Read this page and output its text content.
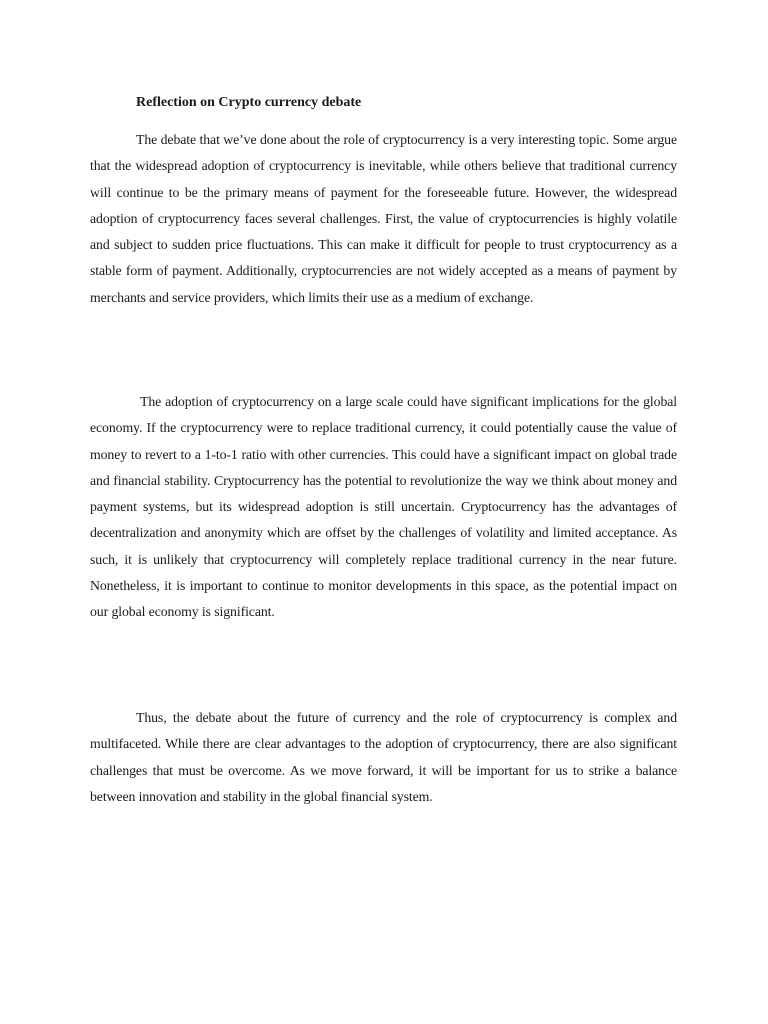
Reflection on Crypto currency debate

The debate that we’ve done about the role of cryptocurrency is a very interesting topic. Some argue that the widespread adoption of cryptocurrency is inevitable, while others believe that traditional currency will continue to be the primary means of payment for the foreseeable future. However, the widespread adoption of cryptocurrency faces several challenges. First, the value of cryptocurrencies is highly volatile and subject to sudden price fluctuations. This can make it difficult for people to trust cryptocurrency as a stable form of payment. Additionally, cryptocurrencies are not widely accepted as a means of payment by merchants and service providers, which limits their use as a medium of exchange.

The adoption of cryptocurrency on a large scale could have significant implications for the global economy. If the cryptocurrency were to replace traditional currency, it could potentially cause the value of money to revert to a 1-to-1 ratio with other currencies. This could have a significant impact on global trade and financial stability. Cryptocurrency has the potential to revolutionize the way we think about money and payment systems, but its widespread adoption is still uncertain. Cryptocurrency has the advantages of decentralization and anonymity which are offset by the challenges of volatility and limited acceptance. As such, it is unlikely that cryptocurrency will completely replace traditional currency in the near future. Nonetheless, it is important to continue to monitor developments in this space, as the potential impact on our global economy is significant.

Thus, the debate about the future of currency and the role of cryptocurrency is complex and multifaceted. While there are clear advantages to the adoption of cryptocurrency, there are also significant challenges that must be overcome. As we move forward, it will be important for us to strike a balance between innovation and stability in the global financial system.
